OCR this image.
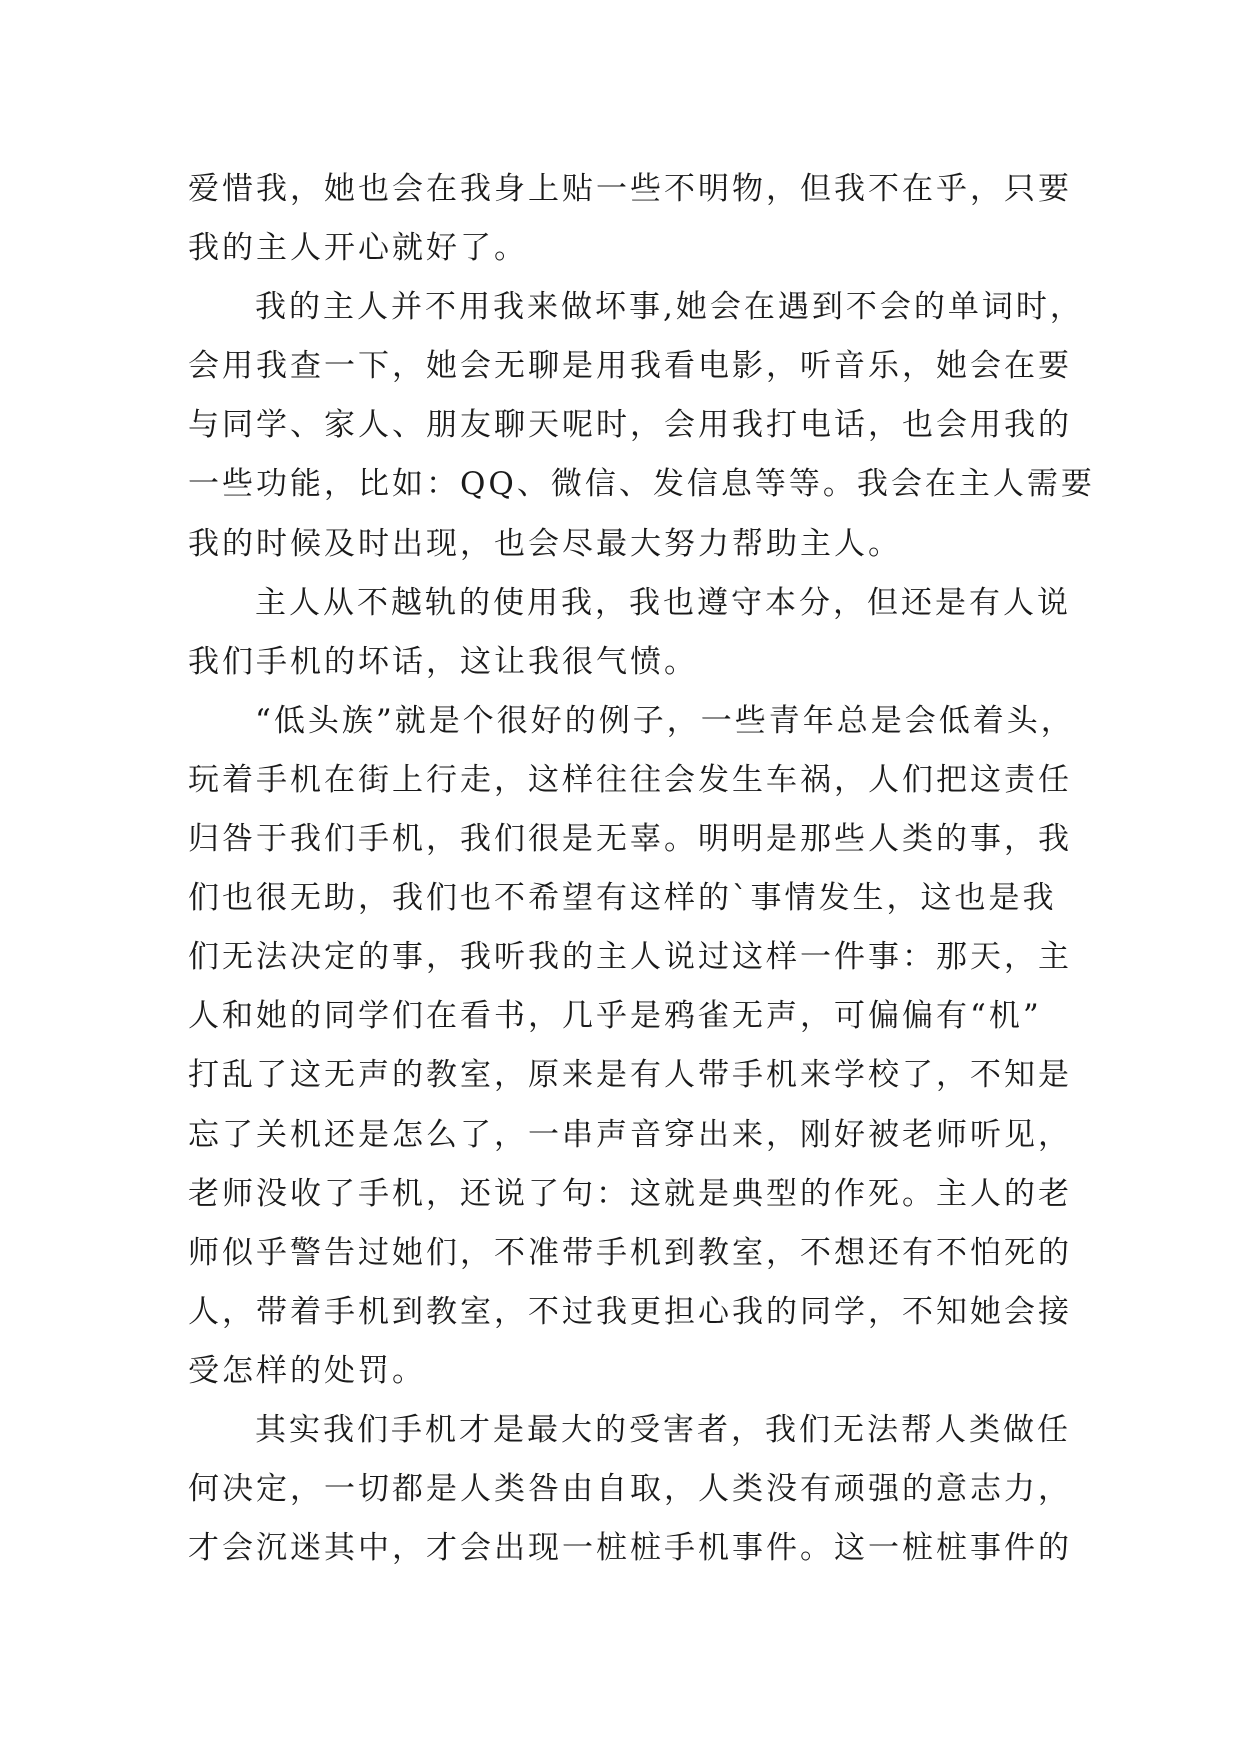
爱惜我，她也会在我身上贴一些不明物，但我不在乎，只要
我的主人开心就好了。
我的主人并不用我来做坏事,她会在遇到不会的单词时，
会用我查一下，她会无聊是用我看电影，听音乐，她会在要
与同学、家人、朋友聊天呢时，会用我打电话，也会用我的
一些功能，比如：QQ、微信、发信息等等。我会在主人需要
我的时候及时出现，也会尽最大努力帮助主人。
主人从不越轨的使用我，我也遵守本分，但还是有人说
我们手机的坏话，这让我很气愤。
“低头族”就是个很好的例子，一些青年总是会低着头，
玩着手机在街上行走，这样往往会发生车祸，人们把这责任
归咎于我们手机，我们很是无辜。明明是那些人类的事，我
们也很无助，我们也不希望有这样的`事情发生，这也是我
们无法决定的事，我听我的主人说过这样一件事：那天，主
人和她的同学们在看书，几乎是鸦雀无声，可偏偏有“机”
打乱了这无声的教室，原来是有人带手机来学校了，不知是
忘了关机还是怎么了，一串声音穿出来，刚好被老师听见，
老师没收了手机，还说了句：这就是典型的作死。主人的老
师似乎警告过她们，不准带手机到教室，不想还有不怕死的
人，带着手机到教室，不过我更担心我的同学，不知她会接
受怎样的处罚。
其实我们手机才是最大的受害者，我们无法帮人类做任
何决定，一切都是人类咎由自取，人类没有顽强的意志力，
才会沉迷其中，才会出现一桩桩手机事件。这一桩桩事件的
